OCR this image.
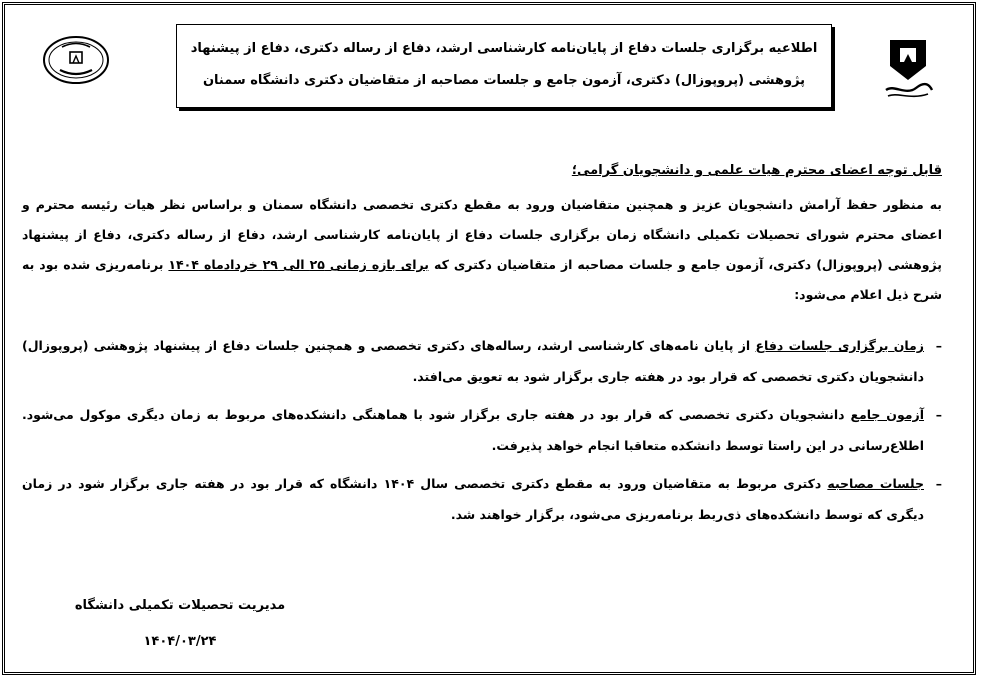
اطلاعیه برگزاری جلسات دفاع از پایان‌نامه کارشناسی ارشد، دفاع از رساله دکتری، دفاع از پیشنهاد
پژوهشی (پروپوزال) دکتری، آزمون جامع و جلسات مصاحبه از متقاضیان دکتری دانشگاه سمنان
قابل توجه اعضای محترم هیات علمی و دانشجویان گرامی؛

به منظور حفظ آرامش دانشجویان عزیز و همچنین متقاضیان ورود به مقطع دکتری تخصصی دانشگاه سمنان و براساس نظر هیات رئیسه محترم و اعضای محترم شورای تحصیلات تکمیلی دانشگاه زمان برگزاری جلسات دفاع از پایان‌نامه کارشناسی ارشد، دفاع از رساله دکتری، دفاع از پیشنهاد پژوهشی (پروپوزال) دکتری، آزمون جامع و جلسات مصاحبه از متقاضیان دکتری که برای بازه زمانی ۲۵ الی ۲۹ خردادماه ۱۴۰۴ برنامه‌ریزی شده بود به شرح ذیل اعلام می‌شود:

–
زمان برگزاری جلسات دفاع از پایان نامه‌های کارشناسی ارشد، رساله‌های دکتری تخصصی و همچنین جلسات دفاع از پیشنهاد پژوهشی (پروپوزال) دانشجویان دکتری تخصصی که قرار بود در هفته جاری برگزار شود به تعویق می‌افتد.
–
آزمون جامع دانشجویان دکتری تخصصی که قرار بود در هفته جاری برگزار شود با هماهنگی دانشکده‌های مربوط به زمان دیگری موکول می‌شود. اطلاع‌رسانی در این راستا توسط دانشکده متعاقبا انجام خواهد پذیرفت.
–
جلسات مصاحبه دکتری مربوط به متقاضیان ورود به مقطع دکتری تخصصی سال ۱۴۰۴ دانشگاه که قرار بود در هفته جاری برگزار شود در زمان دیگری که توسط دانشکده‌های ذی‌ربط برنامه‌ریزی می‌شود، برگزار خواهند شد.
مدیریت تحصیلات تکمیلی دانشگاه
۱۴۰۴/۰۳/۲۴
